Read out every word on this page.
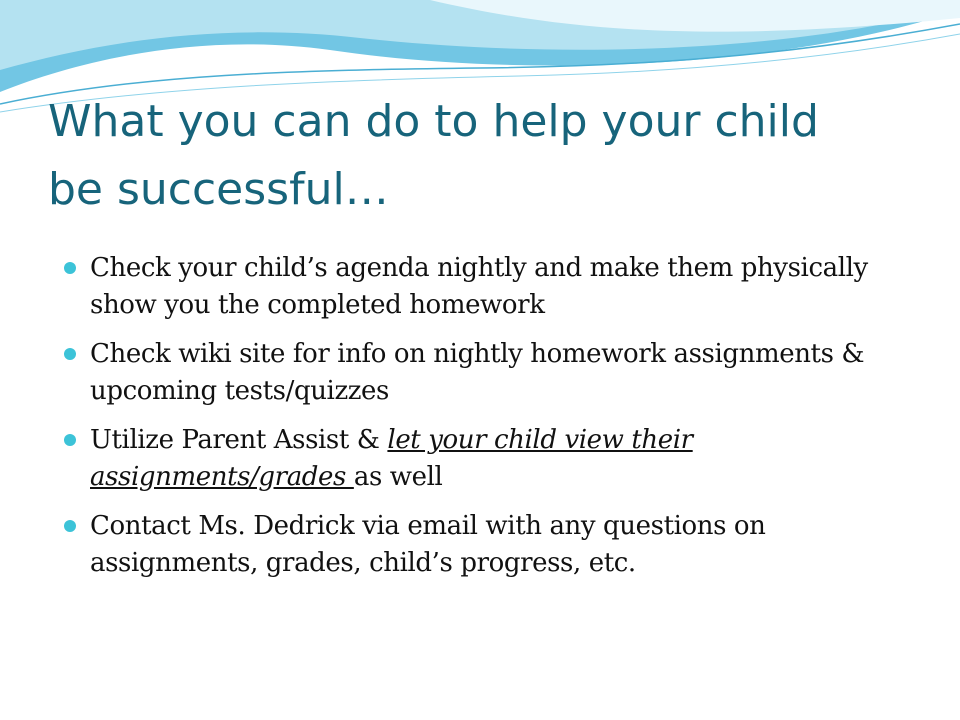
What you can do to help your child
be successful…
Check your child’s agenda nightly and make them physically show you the completed homework
Check wiki site for info on nightly homework assignments & upcoming tests/quizzes
Utilize Parent Assist & let your child view their assignments/grades as well
Contact Ms. Dedrick via email with any questions on assignments, grades, child’s progress, etc.
